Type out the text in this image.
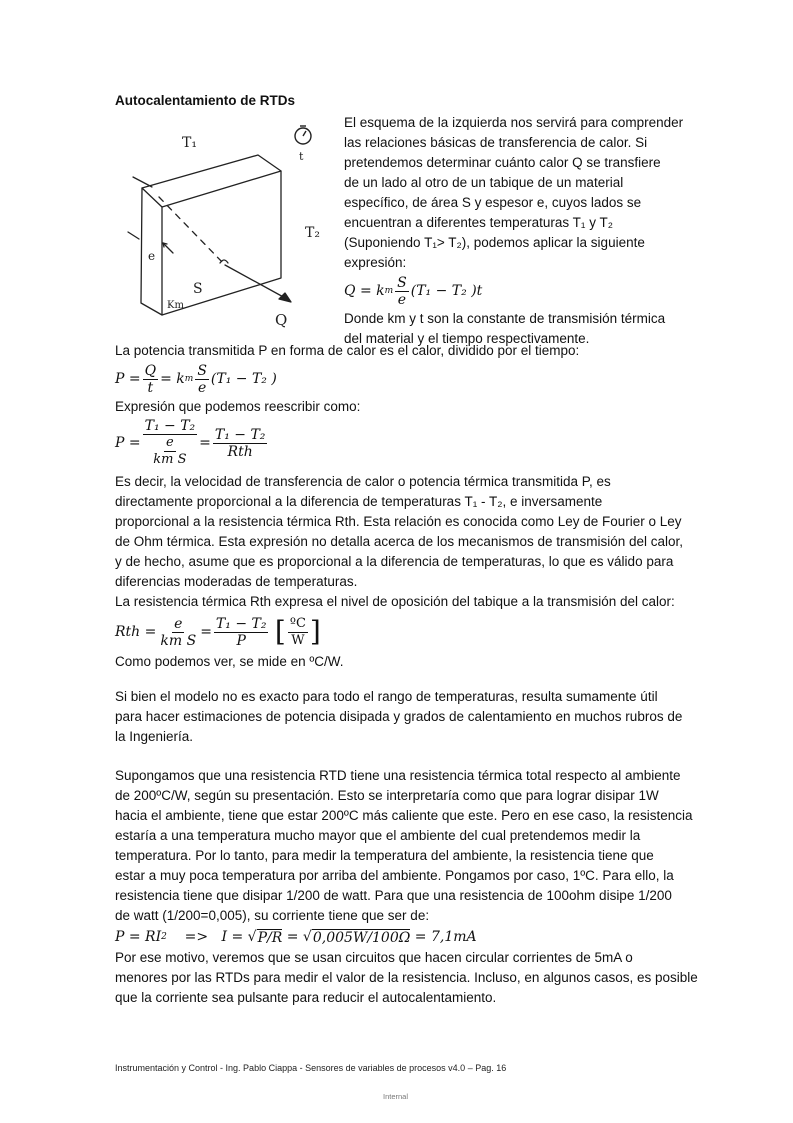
Autocalentamiento de RTDs
T₁
t
T₂
e
S
Km
Q
El esquema de la izquierda nos servirá para comprender
las relaciones básicas de transferencia de calor. Si
pretendemos determinar cuánto calor Q se transfiere
de un lado al otro de un tabique de un material
específico, de área S y espesor e, cuyos lados se
encuentran a diferentes temperaturas T₁ y T₂
(Suponiendo T₁> T₂), podemos aplicar la siguiente
expresión:
Q
=
k m $\frac{S}{e} (T_1 - T_2$ )t
Donde km y t son la constante de transmisión térmica
del material y el tiempo respectivamente.
La potencia transmitida P en forma de calor es el calor, dividido por el tiempo:
P
= $\frac{Q}{t}$ =
k m $\frac{S}{e} (T_1 - T_2$ )
Expresión que podemos reescribir como:
P
= $\frac{\text{T₁ − T₂}}{\frac{e}{\text{km S}}} = \frac{\text{T₁ − T₂}}{\text{Rth}}$
Es decir, la velocidad de transferencia de calor o potencia térmica transmitida P, es
directamente proporcional a la diferencia de temperaturas T₁ - T₂, e inversamente
proporcional a la resistencia térmica Rth. Esta relación es conocida como Ley de Fourier o Ley
de Ohm térmica. Esta expresión no detalla acerca de los mecanismos de transmisión del calor,
y de hecho, asume que es proporcional a la diferencia de temperaturas, lo que es válido para
diferencias moderadas de temperaturas.
La resistencia térmica Rth expresa el nivel de oposición del tabique a la transmisión del calor:
Rth
= $\frac{e}{\text{km S}} = \frac{\text{T₁ − T₂}}{P}$
[ $\frac{\text{ºC}}{W}$ ]
Como podemos ver, se mide en ºC/W.
Si bien el modelo no es exacto para todo el rango de temperaturas, resulta sumamente útil
para hacer estimaciones de potencia disipada y grados de calentamiento en muchos rubros de
la Ingeniería.
Supongamos que una resistencia RTD tiene una resistencia térmica total respecto al ambiente
de 200ºC/W, según su presentación. Esto se interpretaría como que para lograr disipar 1W
hacia el ambiente, tiene que estar 200ºC más caliente que este. Pero en ese caso, la resistencia
estaría a una temperatura mucho mayor que el ambiente del cual pretendemos medir la
temperatura. Por lo tanto, para medir la temperatura del ambiente, la resistencia tiene que
estar a muy poca temperatura por arriba del ambiente. Pongamos por caso, 1ºC. Para ello, la
resistencia tiene que disipar 1/200 de watt. Para que una resistencia de 100ohm disipe 1/200
de watt (1/200=0,005), su corriente tiene que ser de:
P = RI 2
=>
I = √ P/R = √ 0,005W/100Ω = 7,1mA
Por ese motivo, veremos que se usan circuitos que hacen circular corrientes de 5mA o
menores por las RTDs para medir el valor de la resistencia. Incluso, en algunos casos, es posible
que la corriente sea pulsante para reducir el autocalentamiento.
Instrumentación y Control - Ing. Pablo Ciappa - Sensores de variables de procesos v4.0 – Pag. 16
Internal
